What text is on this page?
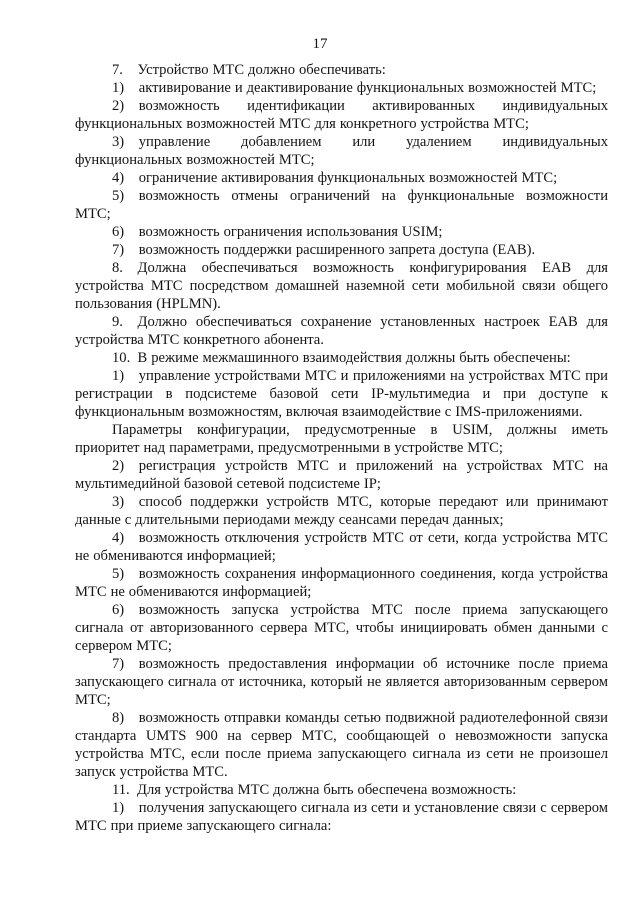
17

7. Устройство МТС должно обеспечивать:

1) активирование и деактивирование функциональных возможностей МТС;

2) возможность идентификации активированных индивидуальных функциональных возможностей МТС для конкретного устройства МТС;

3) управление добавлением или удалением индивидуальных функциональных возможностей МТС;

4) ограничение активирования функциональных возможностей МТС;

5) возможность отмены ограничений на функциональные возможности МТС;

6) возможность ограничения использования USIM;

7) возможность поддержки расширенного запрета доступа (EAB).

8. Должна обеспечиваться возможность конфигурирования EAB для устройства МТС посредством домашней наземной сети мобильной связи общего пользования (HPLMN).

9. Должно обеспечиваться сохранение установленных настроек EAB для устройства МТС конкретного абонента.

10. В режиме межмашинного взаимодействия должны быть обеспечены:

1) управление устройствами МТС и приложениями на устройствах МТС при регистрации в подсистеме базовой сети IP-мультимедиа и при доступе к функциональным возможностям, включая взаимодействие с IMS-приложениями.

Параметры конфигурации, предусмотренные в USIM, должны иметь приоритет над параметрами, предусмотренными в устройстве МТС;

2) регистрация устройств МТС и приложений на устройствах МТС на мультимедийной базовой сетевой подсистеме IP;

3) способ поддержки устройств МТС, которые передают или принимают данные с длительными периодами между сеансами передач данных;

4) возможность отключения устройств МТС от сети, когда устройства МТС не обмениваются информацией;

5) возможность сохранения информационного соединения, когда устройства МТС не обмениваются информацией;

6) возможность запуска устройства МТС после приема запускающего сигнала от авторизованного сервера МТС, чтобы инициировать обмен данными с сервером МТС;

7) возможность предоставления информации об источнике после приема запускающего сигнала от источника, который не является авторизованным сервером МТС;

8) возможность отправки команды сетью подвижной радиотелефонной связи стандарта UMTS 900 на сервер МТС, сообщающей о невозможности запуска устройства МТС, если после приема запускающего сигнала из сети не произошел запуск устройства МТС.

11. Для устройства МТС должна быть обеспечена возможность:

1) получения запускающего сигнала из сети и установление связи с сервером МТС при приеме запускающего сигнала:
